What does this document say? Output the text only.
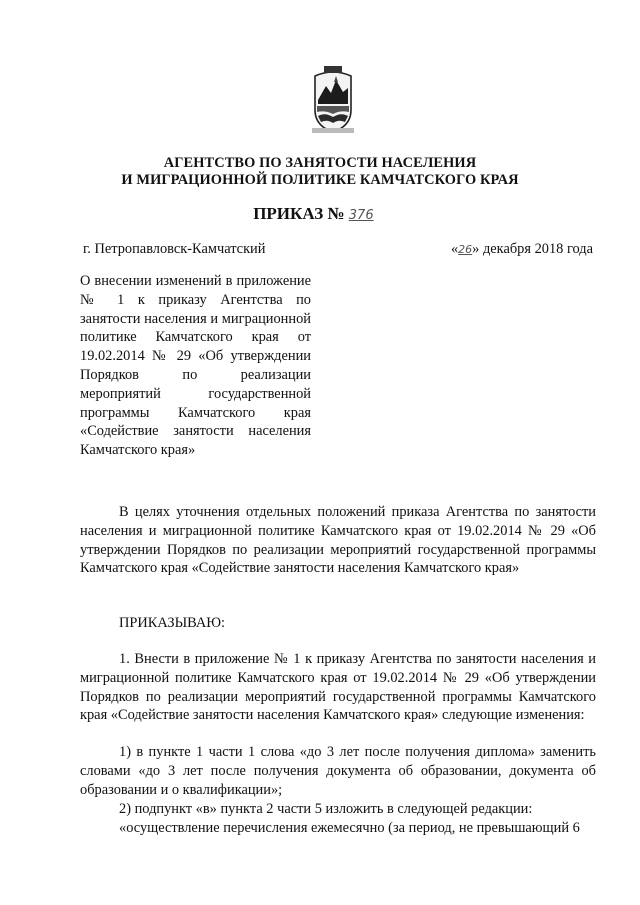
АГЕНТСТВО ПО ЗАНЯТОСТИ НАСЕЛЕНИЯ
И МИГРАЦИОННОЙ ПОЛИТИКЕ КАМЧАТСКОГО КРАЯ
ПРИКАЗ № 376
г. Петропавловск-Камчатский	«26» декабря 2018 года

О внесении изменений в приложение № 1 к приказу Агентства по занятости населения и миграционной политике Камчатского края от 19.02.2014 № 29 «Об утверждении Порядков по реализации мероприятий государственной программы Камчатского края «Содействие занятости населения Камчатского края»

В целях уточнения отдельных положений приказа Агентства по занятости населения и миграционной политике Камчатского края от 19.02.2014 № 29 «Об утверждении Порядков по реализации мероприятий государственной программы Камчатского края «Содействие занятости населения Камчатского края»

ПРИКАЗЫВАЮ:

1. Внести в приложение № 1 к приказу Агентства по занятости населения и миграционной политике Камчатского края от 19.02.2014 № 29 «Об утверждении Порядков по реализации мероприятий государственной программы Камчатского края «Содействие занятости населения Камчатского края» следующие изменения:

1) в пункте 1 части 1 слова «до 3 лет после получения диплома» заменить словами «до 3 лет после получения документа об образовании, документа об образовании и о квалификации»;

2) подпункт «в» пункта 2 части 5 изложить в следующей редакции:

«осуществление перечисления ежемесячно (за период, не превышающий 6
